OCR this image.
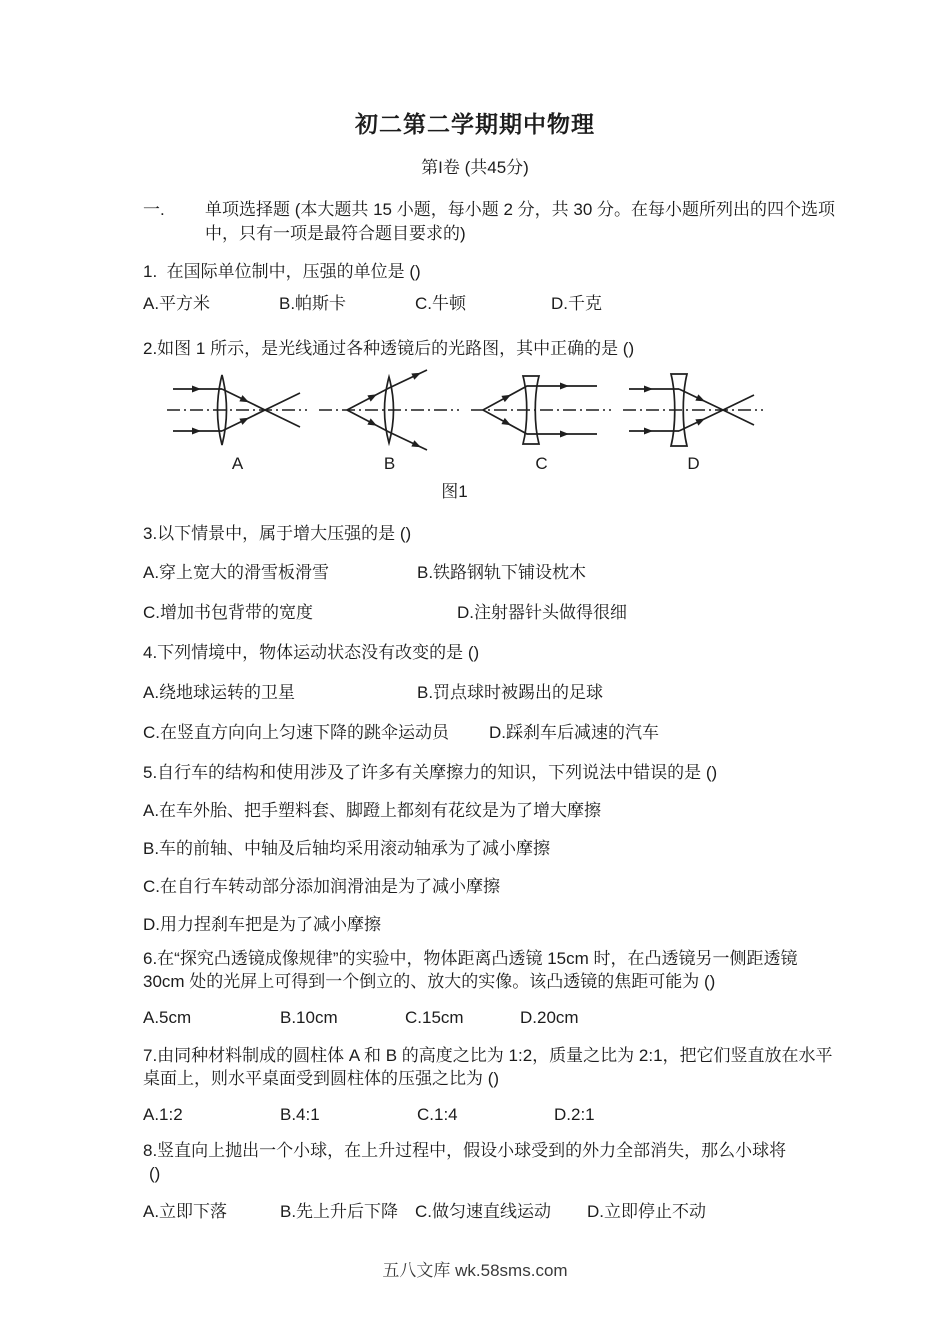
初二第二学期期中物理
第I卷 (共45分)
一. 单项选择题 (本大题共 15 小题，每小题 2 分，共 30 分。在每小题所列出的四个选项中，只有一项是最符合题目要求的)

1.  在国际单位制中，压强的单位是 ()

A.平方米	B.帕斯卡	C.牛顿	D.千克

2.如图 1 所示，是光线通过各种透镜后的光路图，其中正确的是 ()

A	B	C	D
图1

3.以下情景中，属于增大压强的是 ()

A.穿上宽大的滑雪板滑雪	B.铁路钢轨下铺设枕木
C.增加书包背带的宽度	D.注射器针头做得很细

4.下列情境中，物体运动状态没有改变的是 ()

A.绕地球运转的卫星	B.罚点球时被踢出的足球
C.在竖直方向向上匀速下降的跳伞运动员	D.踩刹车后减速的汽车

5.自行车的结构和使用涉及了许多有关摩擦力的知识，下列说法中错误的是 ()

A.在车外胎、把手塑料套、脚蹬上都刻有花纹是为了增大摩擦
B.车的前轴、中轴及后轴均采用滚动轴承为了减小摩擦
C.在自行车转动部分添加润滑油是为了减小摩擦
D.用力捏刹车把是为了减小摩擦

6.在“探究凸透镜成像规律”的实验中，物体距离凸透镜 15cm 时，在凸透镜另一侧距透镜 30cm 处的光屏上可得到一个倒立的、放大的实像。该凸透镜的焦距可能为 ()

A.5cm	B.10cm	C.15cm	D.20cm

7.由同种材料制成的圆柱体 A 和 B 的高度之比为 1:2，质量之比为 2:1，把它们竖直放在水平桌面上，则水平桌面受到圆柱体的压强之比为 ()

A.1:2	B.4:1	C.1:4	D.2:1

8.竖直向上抛出一个小球，在上升过程中，假设小球受到的外力全部消失，那么小球将
()

A.立即下落	B.先上升后下降 C.做匀速直线运动	D.立即停止不动
五八文库 wk.58sms.com
